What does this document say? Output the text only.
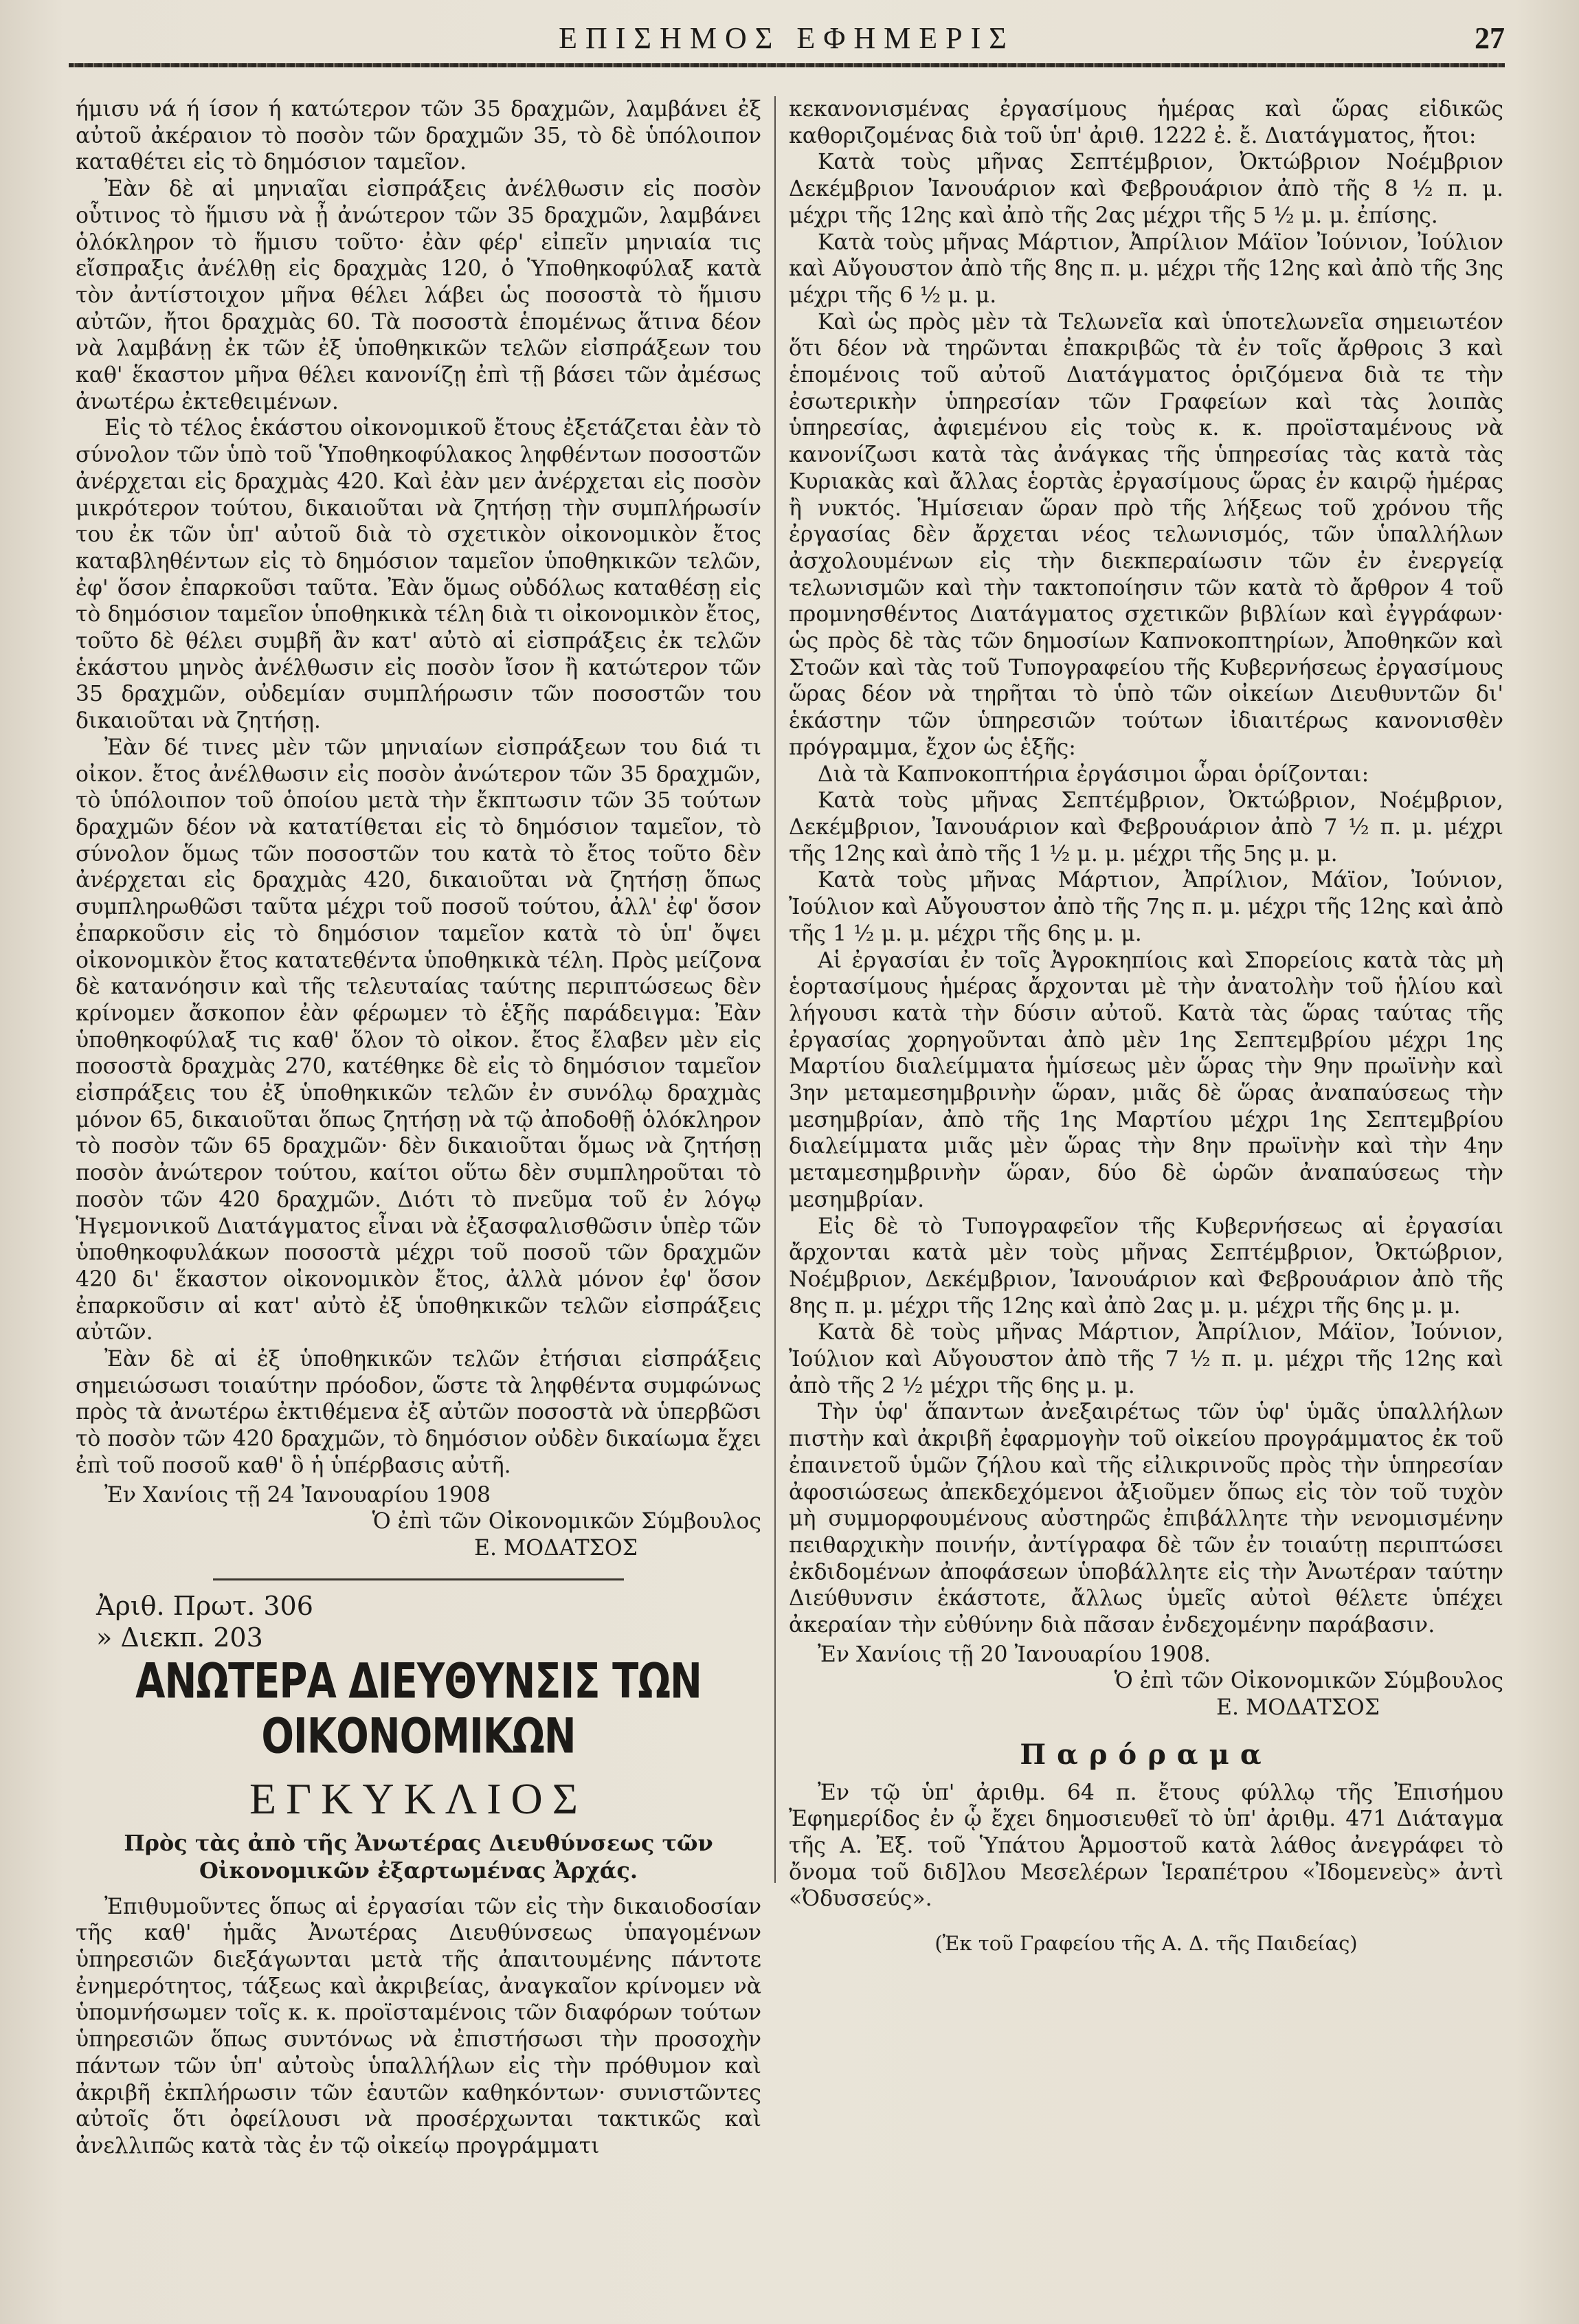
ΕΠΙΣΗΜΟΣ ΕΦΗΜΕΡΙΣ	27

ήμισυ νά ή ίσον ή κατώτερον τῶν 35 δραχμῶν, λαμβάνει ἐξ αὐτοῦ ἀκέραιον τὸ ποσὸν τῶν δραχμῶν 35, τὸ δὲ ὑπόλοιπον καταθέτει εἰς τὸ δημόσιον ταμεῖον.

Ἐὰν δὲ αἱ μηνιαῖαι εἰσπράξεις ἀνέλθωσιν εἰς ποσὸν οὗτινος τὸ ἥμισυ νὰ ᾖ ἀνώτερον τῶν 35 δραχμῶν, λαμβάνει ὁλόκληρον τὸ ἥμισυ τοῦτο· ἐὰν φέρ' εἰπεῖν μηνιαία τις εἴσπραξις ἀνέλθῃ εἰς δραχμὰς 120, ὁ Ὑποθηκοφύλαξ κατὰ τὸν ἀντίστοιχον μῆνα θέλει λάβει ὡς ποσοστὰ τὸ ἥμισυ αὐτῶν, ἤτοι δραχμὰς 60. Τὰ ποσοστὰ ἑπομένως ἅτινα δέον νὰ λαμβάνῃ ἐκ τῶν ἐξ ὑποθηκικῶν τελῶν εἰσπράξεων του καθ' ἕκαστον μῆνα θέλει κανονίζῃ ἐπὶ τῇ βάσει τῶν ἀμέσως ἀνωτέρω ἐκτεθειμένων.

Εἰς τὸ τέλος ἑκάστου οἰκονομικοῦ ἔτους ἐξετάζεται ἐὰν τὸ σύνολον τῶν ὑπὸ τοῦ Ὑποθηκοφύλακος ληφθέντων ποσοστῶν ἀνέρχεται εἰς δραχμὰς 420. Καὶ ἐὰν μεν ἀνέρχεται εἰς ποσὸν μικρότερον τούτου, δικαιοῦται νὰ ζητήσῃ τὴν συμπλήρωσίν του ἐκ τῶν ὑπ' αὐτοῦ διὰ τὸ σχετικὸν οἰκονομικὸν ἔτος καταβληθέντων εἰς τὸ δημόσιον ταμεῖον ὑποθηκικῶν τελῶν, ἐφ' ὅσον ἐπαρκοῦσι ταῦτα. Ἐὰν ὅμως οὐδόλως καταθέσῃ εἰς τὸ δημόσιον ταμεῖον ὑποθηκικὰ τέλη διὰ τι οἰκονομικὸν ἔτος, τοῦτο δὲ θέλει συμβῆ ἂν κατ' αὐτὸ αἱ εἰσπράξεις ἐκ τελῶν ἑκάστου μηνὸς ἀνέλθωσιν εἰς ποσὸν ἴσον ἢ κατώτερον τῶν 35 δραχμῶν, οὐδεμίαν συμπλήρωσιν τῶν ποσοστῶν του δικαιοῦται νὰ ζητήσῃ.

Ἐὰν δέ τινες μὲν τῶν μηνιαίων εἰσπράξεων του διά τι οἰκον. ἔτος ἀνέλθωσιν εἰς ποσὸν ἀνώτερον τῶν 35 δραχμῶν, τὸ ὑπόλοιπον τοῦ ὁποίου μετὰ τὴν ἔκπτωσιν τῶν 35 τούτων δραχμῶν δέον νὰ κατατίθεται εἰς τὸ δημόσιον ταμεῖον, τὸ σύνολον ὅμως τῶν ποσοστῶν του κατὰ τὸ ἔτος τοῦτο δὲν ἀνέρχεται εἰς δραχμὰς 420, δικαιοῦται νὰ ζητήσῃ ὅπως συμπληρωθῶσι ταῦτα μέχρι τοῦ ποσοῦ τούτου, ἀλλ' ἐφ' ὅσον ἐπαρκοῦσιν εἰς τὸ δημόσιον ταμεῖον κατὰ τὸ ὑπ' ὄψει οἰκονομικὸν ἔτος κατατεθέντα ὑποθηκικὰ τέλη. Πρὸς μείζονα δὲ κατανόησιν καὶ τῆς τελευταίας ταύτης περιπτώσεως δὲν κρίνομεν ἄσκοπον ἐὰν φέρωμεν τὸ ἑξῆς παράδειγμα: Ἐὰν ὑποθηκοφύλαξ τις καθ' ὅλον τὸ οἰκον. ἔτος ἔλαβεν μὲν εἰς ποσοστὰ δραχμὰς 270, κατέθηκε δὲ εἰς τὸ δημόσιον ταμεῖον εἰσπράξεις του ἐξ ὑποθηκικῶν τελῶν ἐν συνόλῳ δραχμὰς μόνον 65, δικαιοῦται ὅπως ζητήσῃ νὰ τῷ ἀποδοθῇ ὁλόκληρον τὸ ποσὸν τῶν 65 δραχμῶν· δὲν δικαιοῦται ὅμως νὰ ζητήσῃ ποσὸν ἀνώτερον τούτου, καίτοι οὕτω δὲν συμπληροῦται τὸ ποσὸν τῶν 420 δραχμῶν. Διότι τὸ πνεῦμα τοῦ ἐν λόγῳ Ἡγεμονικοῦ Διατάγματος εἶναι νὰ ἐξασφαλισθῶσιν ὑπὲρ τῶν ὑποθηκοφυλάκων ποσοστὰ μέχρι τοῦ ποσοῦ τῶν δραχμῶν 420 δι' ἕκαστον οἰκονομικὸν ἔτος, ἀλλὰ μόνον ἐφ' ὅσον ἐπαρκοῦσιν αἱ κατ' αὐτὸ ἐξ ὑποθηκικῶν τελῶν εἰσπράξεις αὐτῶν.

Ἐὰν δὲ αἱ ἐξ ὑποθηκικῶν τελῶν ἐτήσιαι εἰσπράξεις σημειώσωσι τοιαύτην πρόοδον, ὥστε τὰ ληφθέντα συμφώνως πρὸς τὰ ἀνωτέρω ἐκτιθέμενα ἐξ αὐτῶν ποσοστὰ νὰ ὑπερβῶσι τὸ ποσὸν τῶν 420 δραχμῶν, τὸ δημόσιον οὐδὲν δικαίωμα ἔχει ἐπὶ τοῦ ποσοῦ καθ' ὃ ἡ ὑπέρβασις αὐτῆ.

Ἐν Χανίοις τῇ 24 Ἰανουαρίου 1908

Ὁ ἐπὶ τῶν Οἰκονομικῶν Σύμβουλος

Ε. ΜΟΔΑΤΣΟΣ

Ἀριθ. Πρωτ. 306

» Διεκπ. 203

ΑΝΩΤΕΡΑ ΔΙΕΥΘΥΝΣΙΣ ΤΩΝ ΟΙΚΟΝΟΜΙΚΩΝ
ΕΓΚΥΚΛΙΟΣ
Πρὸς τὰς ἀπὸ τῆς Ἀνωτέρας Διευθύνσεως τῶν Οἰκονομικῶν ἐξαρτωμένας Ἀρχάς.

Ἐπιθυμοῦντες ὅπως αἱ ἐργασίαι τῶν εἰς τὴν δικαιοδοσίαν τῆς καθ' ἡμᾶς Ἀνωτέρας Διευθύνσεως ὑπαγομένων ὑπηρεσιῶν διεξάγωνται μετὰ τῆς ἀπαιτουμένης πάντοτε ἐνημερότητος, τάξεως καὶ ἀκριβείας, ἀναγκαῖον κρίνομεν νὰ ὑπομνήσωμεν τοῖς κ. κ. προϊσταμένοις τῶν διαφόρων τούτων ὑπηρεσιῶν ὅπως συντόνως νὰ ἐπιστήσωσι τὴν προσοχὴν πάντων τῶν ὑπ' αὐτοὺς ὑπαλλήλων εἰς τὴν πρόθυμον καὶ ἀκριβῆ ἐκπλήρωσιν τῶν ἑαυτῶν καθηκόντων· συνιστῶντες αὐτοῖς ὅτι ὀφείλουσι νὰ προσέρχωνται τακτικῶς καὶ ἀνελλιπῶς κατὰ τὰς ἐν τῷ οἰκείῳ προγράμματι

κεκανονισμένας ἐργασίμους ἡμέρας καὶ ὥρας εἰδικῶς καθοριζομένας διὰ τοῦ ὑπ' ἀριθ. 1222 ἐ. ἔ. Διατάγματος, ἤτοι:

Κατὰ τοὺς μῆνας Σεπτέμβριον, Ὀκτώβριον Νοέμβριον Δεκέμβριον Ἰανουάριον καὶ Φεβρουάριον ἀπὸ τῆς 8 ½ π. μ. μέχρι τῆς 12ης καὶ ἀπὸ τῆς 2ας μέχρι τῆς 5 ½ μ. μ. ἐπίσης.

Κατὰ τοὺς μῆνας Μάρτιον, Ἀπρίλιον Μάϊον Ἰούνιον, Ἰούλιον καὶ Αὔγουστον ἀπὸ τῆς 8ης π. μ. μέχρι τῆς 12ης καὶ ἀπὸ τῆς 3ης μέχρι τῆς 6 ½ μ. μ.

Καὶ ὡς πρὸς μὲν τὰ Τελωνεῖα καὶ ὑποτελωνεῖα σημειωτέον ὅτι δέον νὰ τηρῶνται ἐπακριβῶς τὰ ἐν τοῖς ἄρθροις 3 καὶ ἑπομένοις τοῦ αὐτοῦ Διατάγματος ὁριζόμενα διὰ τε τὴν ἐσωτερικὴν ὑπηρεσίαν τῶν Γραφείων καὶ τὰς λοιπὰς ὑπηρεσίας, ἀφιεμένου εἰς τοὺς κ. κ. προϊσταμένους νὰ κανονίζωσι κατὰ τὰς ἀνάγκας τῆς ὑπηρεσίας τὰς κατὰ τὰς Κυριακὰς καὶ ἄλλας ἑορτὰς ἐργασίμους ὥρας ἐν καιρῷ ἡμέρας ἢ νυκτός. Ἡμίσειαν ὥραν πρὸ τῆς λήξεως τοῦ χρόνου τῆς ἐργασίας δὲν ἄρχεται νέος τελωνισμός, τῶν ὑπαλλήλων ἀσχολουμένων εἰς τὴν διεκπεραίωσιν τῶν ἐν ἐνεργείᾳ τελωνισμῶν καὶ τὴν τακτοποίησιν τῶν κατὰ τὸ ἄρθρον 4 τοῦ προμνησθέντος Διατάγματος σχετικῶν βιβλίων καὶ ἐγγράφων· ὡς πρὸς δὲ τὰς τῶν δημοσίων Καπνοκοπτηρίων, Ἀποθηκῶν καὶ Στοῶν καὶ τὰς τοῦ Τυπογραφείου τῆς Κυβερνήσεως ἐργασίμους ὥρας δέον νὰ τηρῆται τὸ ὑπὸ τῶν οἰκείων Διευθυντῶν δι' ἑκάστην τῶν ὑπηρεσιῶν τούτων ἰδιαιτέρως κανονισθὲν πρόγραμμα, ἔχον ὡς ἑξῆς:

Διὰ τὰ Καπνοκοπτήρια ἐργάσιμοι ὧραι ὁρίζονται:

Κατὰ τοὺς μῆνας Σεπτέμβριον, Ὀκτώβριον, Νοέμβριον, Δεκέμβριον, Ἰανουάριον καὶ Φεβρουάριον ἀπὸ 7 ½ π. μ. μέχρι τῆς 12ης καὶ ἀπὸ τῆς 1 ½ μ. μ. μέχρι τῆς 5ης μ. μ.

Κατὰ τοὺς μῆνας Μάρτιον, Ἀπρίλιον, Μάϊον, Ἰούνιον, Ἰούλιον καὶ Αὔγουστον ἀπὸ τῆς 7ης π. μ. μέχρι τῆς 12ης καὶ ἀπὸ τῆς 1 ½ μ. μ. μέχρι τῆς 6ης μ. μ.

Αἱ ἐργασίαι ἐν τοῖς Ἀγροκηπίοις καὶ Σπορείοις κατὰ τὰς μὴ ἑορτασίμους ἡμέρας ἄρχονται μὲ τὴν ἀνατολὴν τοῦ ἡλίου καὶ λήγουσι κατὰ τὴν δύσιν αὐτοῦ. Κατὰ τὰς ὥρας ταύτας τῆς ἐργασίας χορηγοῦνται ἀπὸ μὲν 1ης Σεπτεμβρίου μέχρι 1ης Μαρτίου διαλείμματα ἡμίσεως μὲν ὥρας τὴν 9ην πρωϊνὴν καὶ 3ην μεταμεσημβρινὴν ὥραν, μιᾶς δὲ ὥρας ἀναπαύσεως τὴν μεσημβρίαν, ἀπὸ τῆς 1ης Μαρτίου μέχρι 1ης Σεπτεμβρίου διαλείμματα μιᾶς μὲν ὥρας τὴν 8ην πρωϊνὴν καὶ τὴν 4ην μεταμεσημβρινὴν ὥραν, δύο δὲ ὡρῶν ἀναπαύσεως τὴν μεσημβρίαν.

Εἰς δὲ τὸ Τυπογραφεῖον τῆς Κυβερνήσεως αἱ ἐργασίαι ἄρχονται κατὰ μὲν τοὺς μῆνας Σεπτέμβριον, Ὀκτώβριον, Νοέμβριον, Δεκέμβριον, Ἰανουάριον καὶ Φεβρουάριον ἀπὸ τῆς 8ης π. μ. μέχρι τῆς 12ης καὶ ἀπὸ 2ας μ. μ. μέχρι τῆς 6ης μ. μ.

Κατὰ δὲ τοὺς μῆνας Μάρτιον, Ἀπρίλιον, Μάϊον, Ἰούνιον, Ἰούλιον καὶ Αὔγουστον ἀπὸ τῆς 7 ½ π. μ. μέχρι τῆς 12ης καὶ ἀπὸ τῆς 2 ½ μέχρι τῆς 6ης μ. μ.

Τὴν ὑφ' ἅπαντων ἀνεξαιρέτως τῶν ὑφ' ὑμᾶς ὑπαλλήλων πιστὴν καὶ ἀκριβῆ ἐφαρμογὴν τοῦ οἰκείου προγράμματος ἐκ τοῦ ἐπαινετοῦ ὑμῶν ζήλου καὶ τῆς εἰλικρινοῦς πρὸς τὴν ὑπηρεσίαν ἀφοσιώσεως ἀπεκδεχόμενοι ἀξιοῦμεν ὅπως εἰς τὸν τοῦ τυχὸν μὴ συμμορφουμένους αὐστηρῶς ἐπιβάλλητε τὴν νενομισμένην πειθαρχικὴν ποινήν, ἀντίγραφα δὲ τῶν ἐν τοιαύτῃ περιπτώσει ἐκδιδομένων ἀποφάσεων ὑποβάλλητε εἰς τὴν Ἀνωτέραν ταύτην Διεύθυνσιν ἑκάστοτε, ἄλλως ὑμεῖς αὐτοὶ θέλετε ὑπέχει ἀκεραίαν τὴν εὐθύνην διὰ πᾶσαν ἐνδεχομένην παράβασιν.

Ἐν Χανίοις τῇ 20 Ἰανουαρίου 1908.

Ὁ ἐπὶ τῶν Οἰκονομικῶν Σύμβουλος

Ε. ΜΟΔΑΤΣΟΣ

Παρόραμα

Ἐν τῷ ὑπ' ἀριθμ. 64 π. ἔτους φύλλῳ τῆς Ἐπισήμου Ἐφημερίδος ἐν ᾧ ἔχει δημοσιευθεῖ τὸ ὑπ' ἀριθμ. 471 Διάταγμα τῆς Α. Ἐξ. τοῦ Ὑπάτου Ἁρμοστοῦ κατὰ λάθος ἀνεγράφει τὸ ὄνομα τοῦ διδ]λου Μεσελέρων Ἱεραπέτρου «Ἰδομενεὺς» ἀντὶ «Ὀδυσσεύς».

(Ἐκ τοῦ Γραφείου τῆς Α. Δ. τῆς Παιδείας)
